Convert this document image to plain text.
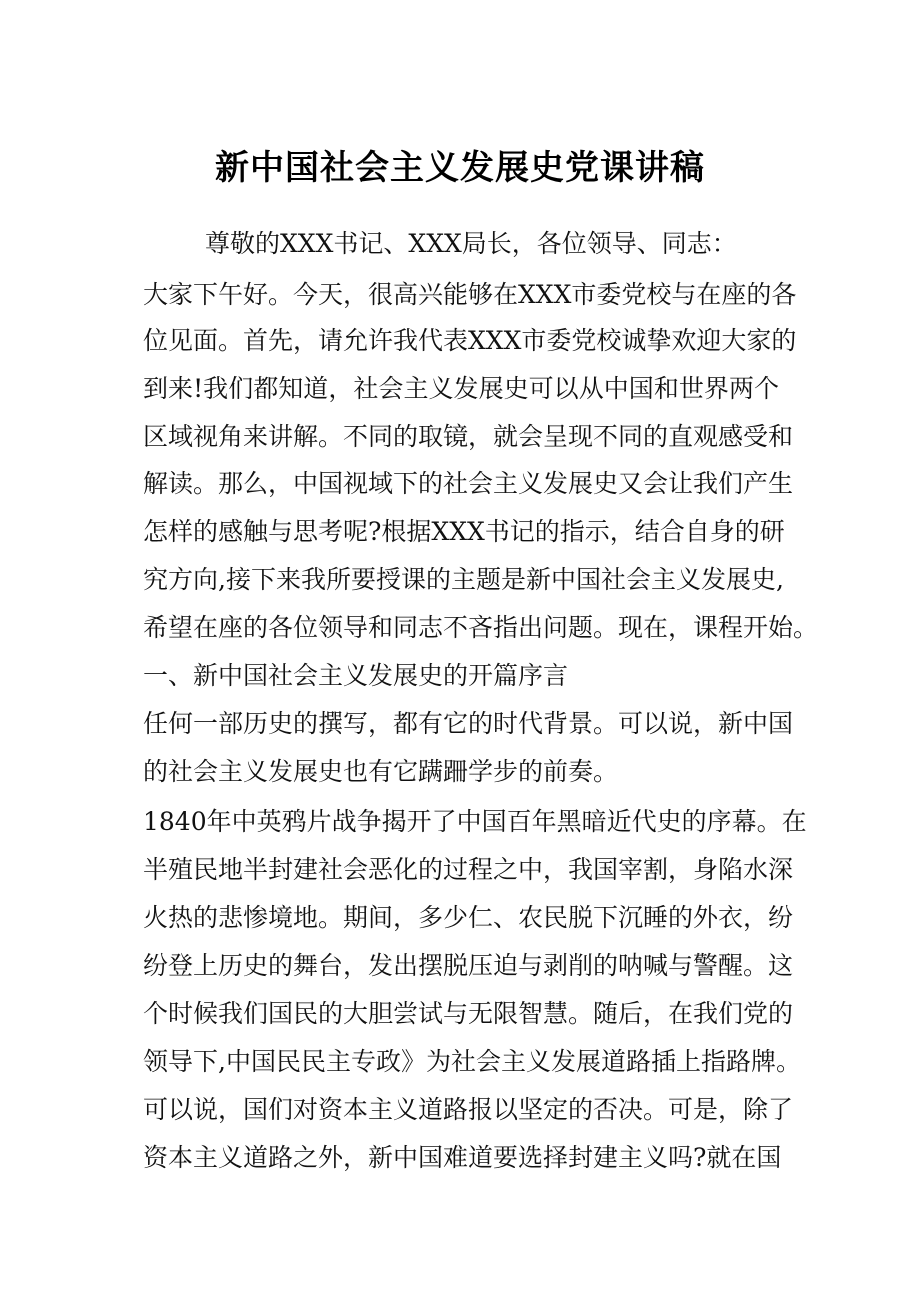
新中国社会主义发展史党课讲稿
尊敬的XXX书记、XXX局长，各位领导、同志：
大家下午好。今天，很高兴能够在XXX市委党校与在座的各
位见面。首先，请允许我代表XXX市委党校诚挚欢迎大家的
到来!我们都知道，社会主义发展史可以从中国和世界两个
区域视角来讲解。不同的取镜，就会呈现不同的直观感受和
解读。那么，中国视域下的社会主义发展史又会让我们产生
怎样的感触与思考呢?根据XXX书记的指示，结合自身的研
究方向,接下来我所要授课的主题是新中国社会主义发展史,
希望在座的各位领导和同志不吝指出问题。现在，课程开始。
一、新中国社会主义发展史的开篇序言
任何一部历史的撰写，都有它的时代背景。可以说，新中国
的社会主义发展史也有它蹒跚学步的前奏。
1840年中英鸦片战争揭开了中国百年黑暗近代史的序幕。在
半殖民地半封建社会恶化的过程之中，我国宰割，身陷水深
火热的悲惨境地。期间，多少仁、农民脱下沉睡的外衣，纷
纷登上历史的舞台，发出摆脱压迫与剥削的呐喊与警醒。这
个时候我们国民的大胆尝试与无限智慧。随后，在我们党的
领导下,中国民民主专政》为社会主义发展道路插上指路牌。
可以说，国们对资本主义道路报以坚定的否决。可是，除了
资本主义道路之外，新中国难道要选择封建主义吗?就在国
